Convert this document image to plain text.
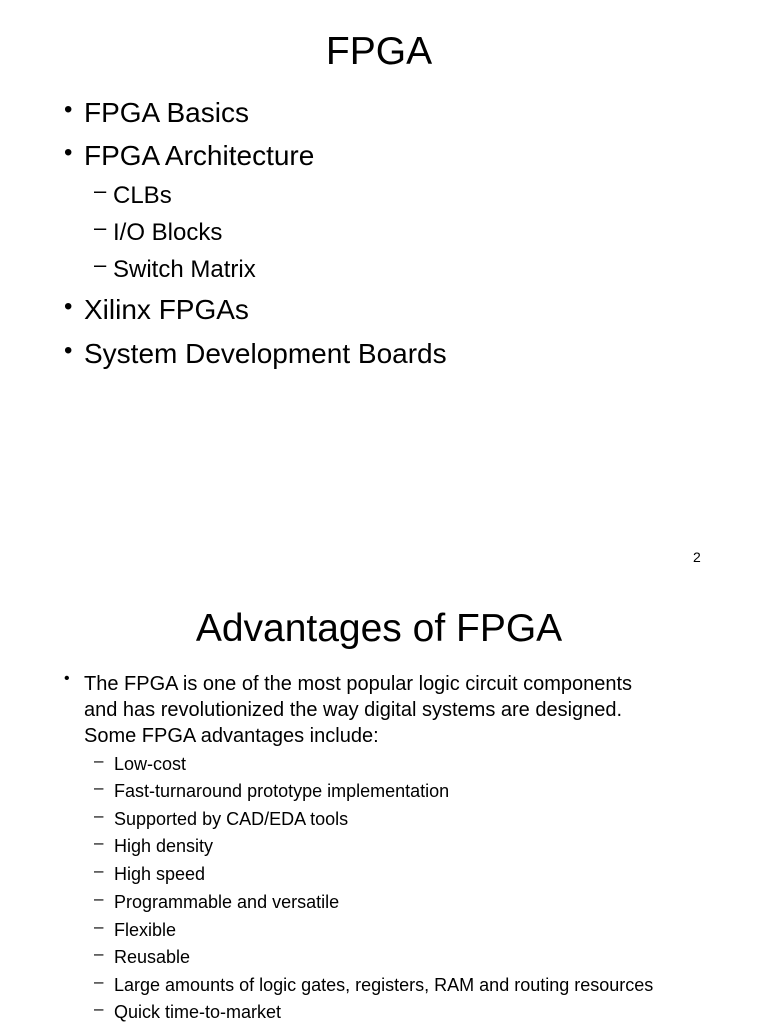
FPGA
• FPGA Basics
• FPGA Architecture
– CLBs
– I/O Blocks
– Switch Matrix
• Xilinx FPGAs
• System Development Boards
2
Advantages of FPGA
• The FPGA is one of the most popular logic circuit components
and has revolutionized the way digital systems are designed.
Some FPGA advantages include:
– Low-cost
– Fast-turnaround prototype implementation
– Supported by CAD/EDA tools
– High density
– High speed
– Programmable and versatile
– Flexible
– Reusable
– Large amounts of logic gates, registers, RAM and routing resources
– Quick time-to-market
